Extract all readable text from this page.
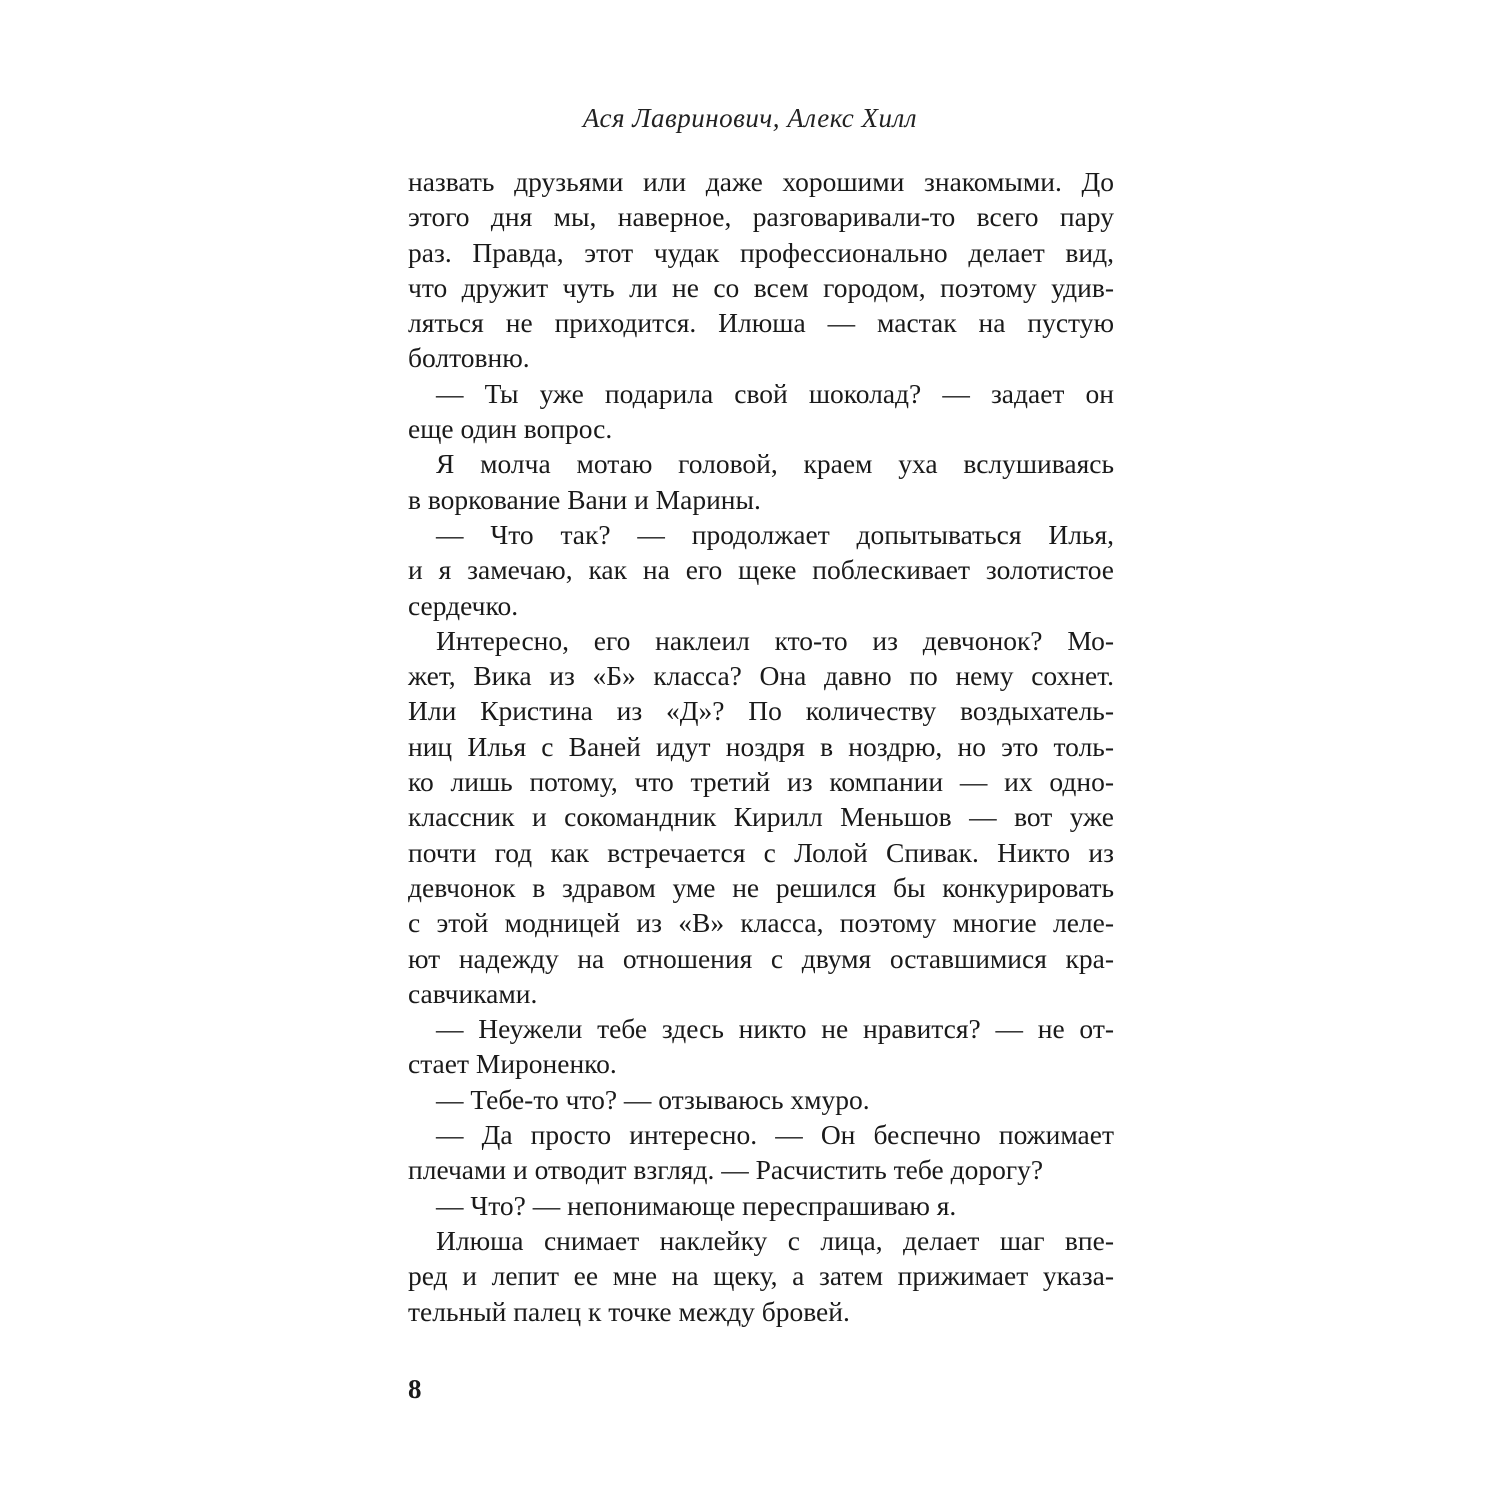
Ася Лавринович, Алекс Хилл
назвать друзьями или даже хорошими знакомыми. До
этого дня мы, наверное, разговаривали-то всего пару
раз. Правда, этот чудак профессионально делает вид,
что дружит чуть ли не со всем городом, поэтому удив-
ляться не приходится. Илюша — мастак на пустую
болтовню.
— Ты уже подарила свой шоколад? — задает он
еще один вопрос.
Я молча мотаю головой, краем уха вслушиваясь
в воркование Вани и Марины.
— Что так? — продолжает допытываться Илья,
и я замечаю, как на его щеке поблескивает золотистое
сердечко.
Интересно, его наклеил кто-то из девчонок? Мо-
жет, Вика из «Б» класса? Она давно по нему сохнет.
Или Кристина из «Д»? По количеству воздыхатель-
ниц Илья с Ваней идут ноздря в ноздрю, но это толь-
ко лишь потому, что третий из компании — их одно-
классник и сокомандник Кирилл Меньшов — вот уже
почти год как встречается с Лолой Спивак. Никто из
девчонок в здравом уме не решился бы конкурировать
с этой модницей из «В» класса, поэтому многие леле-
ют надежду на отношения с двумя оставшимися кра-
савчиками.
— Неужели тебе здесь никто не нравится? — не от-
стает Мироненко.
— Тебе-то что? — отзываюсь хмуро.
— Да просто интересно. — Он беспечно пожимает
плечами и отводит взгляд. — Расчистить тебе дорогу?
— Что? — непонимающе переспрашиваю я.
Илюша снимает наклейку с лица, делает шаг впе-
ред и лепит ее мне на щеку, а затем прижимает указа-
тельный палец к точке между бровей.
8
